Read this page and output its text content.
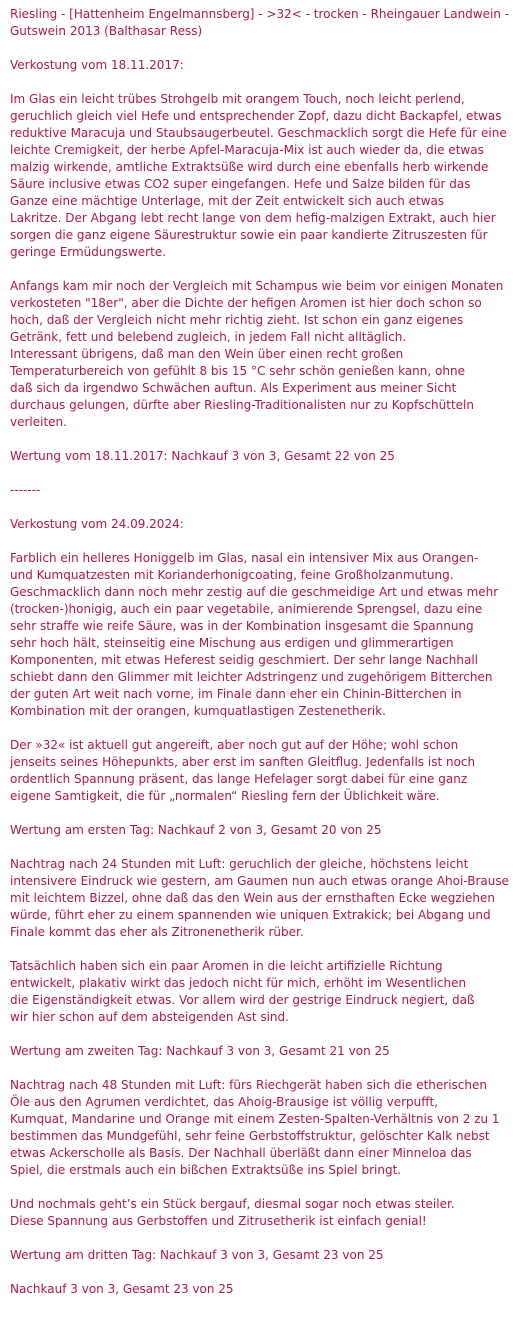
Riesling - [Hattenheim Engelmannsberg] - >32< - trocken - Rheingauer Landwein -
Gutswein 2013 (Balthasar Ress)

Verkostung vom 18.11.2017:

Im Glas ein leicht trübes Strohgelb mit orangem Touch, noch leicht perlend,
geruchlich gleich viel Hefe und entsprechender Zopf, dazu dicht Backapfel, etwas
reduktive Maracuja und Staubsaugerbeutel. Geschmacklich sorgt die Hefe für eine
leichte Cremigkeit, der herbe Apfel-Maracuja-Mix ist auch wieder da, die etwas
malzig wirkende, amtliche Extraktsüße wird durch eine ebenfalls herb wirkende
Säure inclusive etwas CO2 super eingefangen. Hefe und Salze bilden für das
Ganze eine mächtige Unterlage, mit der Zeit entwickelt sich auch etwas
Lakritze. Der Abgang lebt recht lange von dem hefig-malzigen Extrakt, auch hier
sorgen die ganz eigene Säurestruktur sowie ein paar kandierte Zitruszesten für
geringe Ermüdungswerte.

Anfangs kam mir noch der Vergleich mit Schampus wie beim vor einigen Monaten
verkosteten "18er", aber die Dichte der hefigen Aromen ist hier doch schon so
hoch, daß der Vergleich nicht mehr richtig zieht. Ist schon ein ganz eigenes
Getränk, fett und belebend zugleich, in jedem Fall nicht alltäglich.
Interessant übrigens, daß man den Wein über einen recht großen
Temperaturbereich von gefühlt 8 bis 15 °C sehr schön genießen kann, ohne
daß sich da irgendwo Schwächen auftun. Als Experiment aus meiner Sicht
durchaus gelungen, dürfte aber Riesling-Traditionalisten nur zu Kopfschütteln
verleiten.

Wertung vom 18.11.2017: Nachkauf 3 von 3, Gesamt 22 von 25

-------

Verkostung vom 24.09.2024:

Farblich ein helleres Honiggelb im Glas, nasal ein intensiver Mix aus Orangen-
und Kumquatzesten mit Korianderhonigcoating, feine Großholzanmutung.
Geschmacklich dann noch mehr zestig auf die geschmeidige Art und etwas mehr
(trocken-)honigig, auch ein paar vegetabile, animierende Sprengsel, dazu eine
sehr straffe wie reife Säure, was in der Kombination insgesamt die Spannung
sehr hoch hält, steinseitig eine Mischung aus erdigen und glimmerartigen
Komponenten, mit etwas Heferest seidig geschmiert. Der sehr lange Nachhall
schiebt dann den Glimmer mit leichter Adstringenz und zugehörigem Bitterchen
der guten Art weit nach vorne, im Finale dann eher ein Chinin-Bitterchen in
Kombination mit der orangen, kumquatlastigen Zestenetherik.

Der »32« ist aktuell gut angereift, aber noch gut auf der Höhe; wohl schon
jenseits seines Höhepunkts, aber erst im sanften Gleitflug. Jedenfalls ist noch
ordentlich Spannung präsent, das lange Hefelager sorgt dabei für eine ganz
eigene Samtigkeit, die für „normalen“ Riesling fern der Üblichkeit wäre.

Wertung am ersten Tag: Nachkauf 2 von 3, Gesamt 20 von 25

Nachtrag nach 24 Stunden mit Luft: geruchlich der gleiche, höchstens leicht
intensivere Eindruck wie gestern, am Gaumen nun auch etwas orange Ahoi-Brause
mit leichtem Bizzel, ohne daß das den Wein aus der ernsthaften Ecke wegziehen
würde, führt eher zu einem spannenden wie uniquen Extrakick; bei Abgang und
Finale kommt das eher als Zitronenetherik rüber.

Tatsächlich haben sich ein paar Aromen in die leicht artifizielle Richtung
entwickelt, plakativ wirkt das jedoch nicht für mich, erhöht im Wesentlichen
die Eigenständigkeit etwas. Vor allem wird der gestrige Eindruck negiert, daß
wir hier schon auf dem absteigenden Ast sind.

Wertung am zweiten Tag: Nachkauf 3 von 3, Gesamt 21 von 25

Nachtrag nach 48 Stunden mit Luft: fürs Riechgerät haben sich die etherischen
Öle aus den Agrumen verdichtet, das Ahoig-Brausige ist völlig verpufft,
Kumquat, Mandarine und Orange mit einem Zesten-Spalten-Verhältnis von 2 zu 1
bestimmen das Mundgefühl, sehr feine Gerbstoffstruktur, gelöschter Kalk nebst
etwas Ackerscholle als Basis. Der Nachhall überläßt dann einer Minneloa das
Spiel, die erstmals auch ein bißchen Extraktsüße ins Spiel bringt.

Und nochmals geht’s ein Stück bergauf, diesmal sogar noch etwas steiler.
Diese Spannung aus Gerbstoffen und Zitrusetherik ist einfach genial!

Wertung am dritten Tag: Nachkauf 3 von 3, Gesamt 23 von 25

Nachkauf 3 von 3, Gesamt 23 von 25
